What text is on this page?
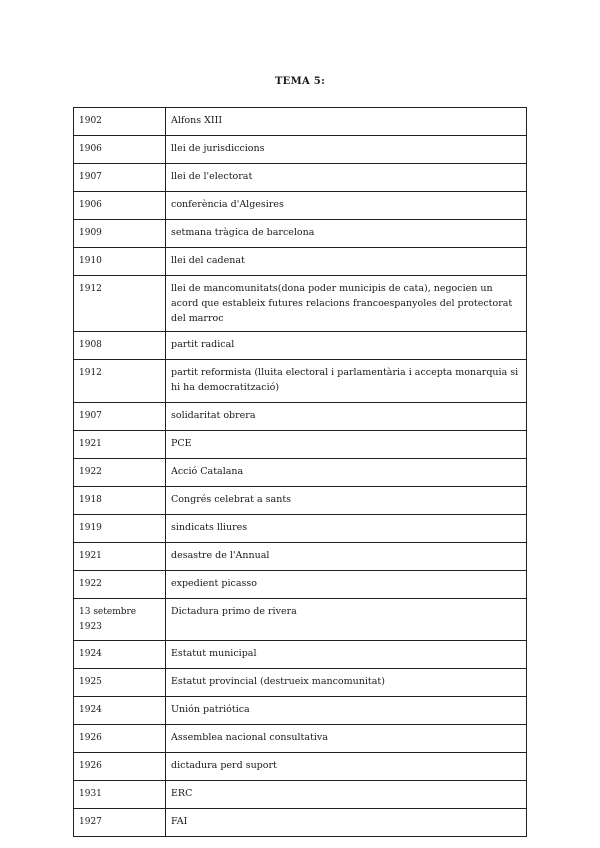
TEMA 5:
1902	Alfons XIII
1906	llei de jurisdiccions
1907	llei de l'electorat
1906	conferència d'Algesires
1909	setmana tràgica de barcelona
1910	llei del cadenat
1912	llei de mancomunitats(dona poder municipis de cata), negocien un acord que estableix futures relacions francoespanyoles del protectorat del marroc
1908	partit radical
1912	partit reformista (lluita electoral i parlamentària i accepta monarquia si hi ha democratització)
1907	solidaritat obrera
1921	PCE
1922	Acció Catalana
1918	Congrés celebrat a sants
1919	sindicats lliures
1921	desastre de l'Annual
1922	expedient picasso
13 setembre 1923	Dictadura primo de rivera
1924	Estatut municipal
1925	Estatut provincial (destrueix mancomunitat)
1924	Unión patriótica
1926	Assemblea nacional consultativa
1926	dictadura perd suport
1931	ERC
1927	FAI
